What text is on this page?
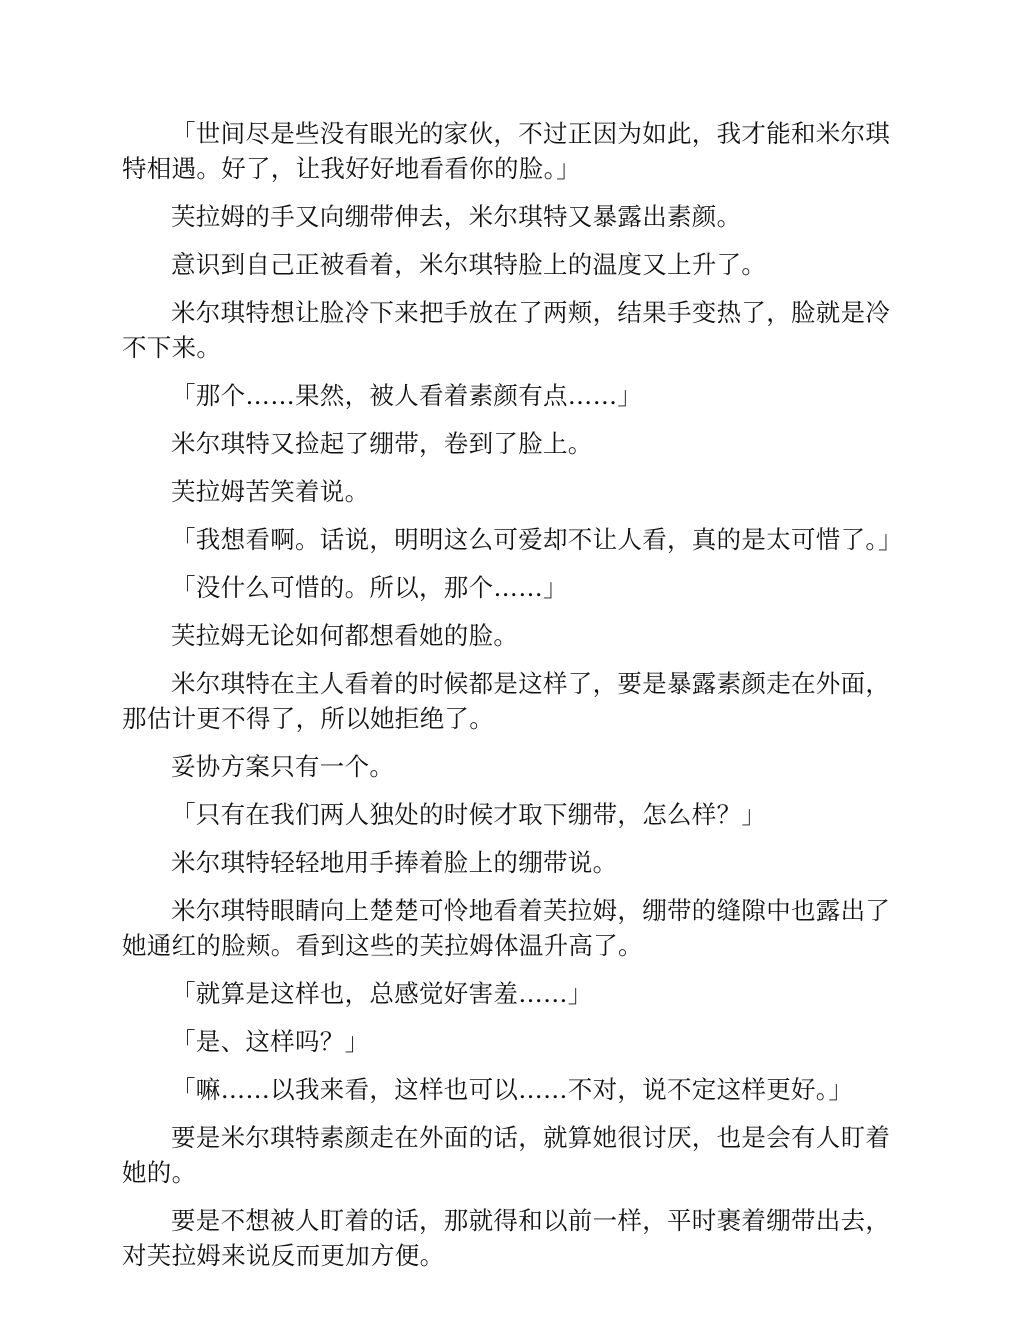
「世间尽是些没有眼光的家伙，不过正因为如此，我才能和米尔琪特相遇。好了，让我好好地看看你的脸。」

芙拉姆的手又向绷带伸去，米尔琪特又暴露出素颜。

意识到自己正被看着，米尔琪特脸上的温度又上升了。

米尔琪特想让脸冷下来把手放在了两颊，结果手变热了，脸就是冷不下来。

「那个……果然，被人看着素颜有点……」

米尔琪特又捡起了绷带，卷到了脸上。

芙拉姆苦笑着说。

「我想看啊。话说，明明这么可爱却不让人看，真的是太可惜了。」

「没什么可惜的。所以，那个……」

芙拉姆无论如何都想看她的脸。

米尔琪特在主人看着的时候都是这样了，要是暴露素颜走在外面，那估计更不得了，所以她拒绝了。

妥协方案只有一个。

「只有在我们两人独处的时候才取下绷带，怎么样？」

米尔琪特轻轻地用手捧着脸上的绷带说。

米尔琪特眼睛向上楚楚可怜地看着芙拉姆，绷带的缝隙中也露出了她通红的脸颊。看到这些的芙拉姆体温升高了。

「就算是这样也，总感觉好害羞……」

「是、这样吗？」

「嘛……以我来看，这样也可以……不对，说不定这样更好。」

要是米尔琪特素颜走在外面的话，就算她很讨厌，也是会有人盯着她的。

要是不想被人盯着的话，那就得和以前一样，平时裹着绷带出去，对芙拉姆来说反而更加方便。
